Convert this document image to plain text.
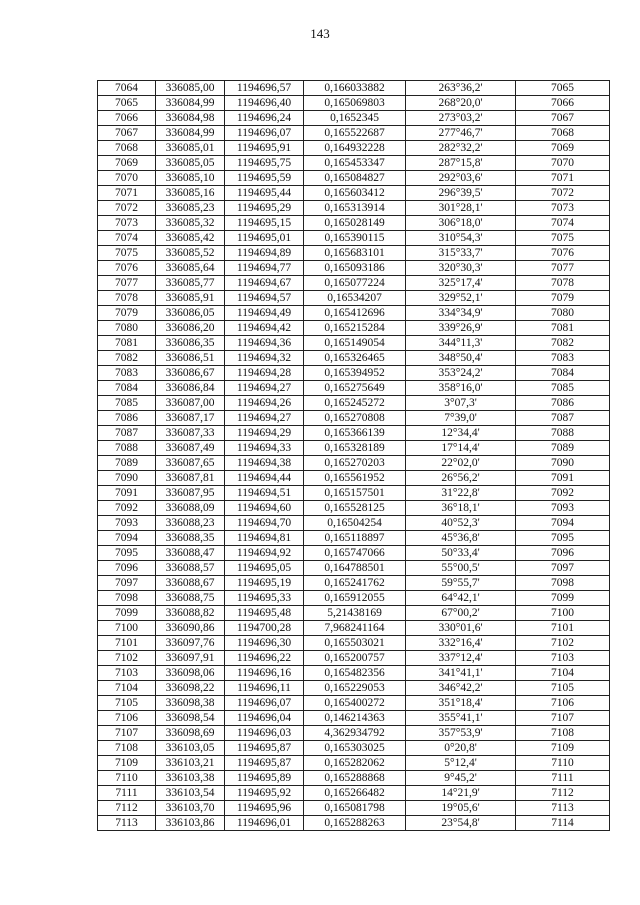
143
7064	336085,00	1194696,57	0,166033882	263°36,2'	7065
7065	336084,99	1194696,40	0,165069803	268°20,0'	7066
7066	336084,98	1194696,24	0,1652345	273°03,2'	7067
7067	336084,99	1194696,07	0,165522687	277°46,7'	7068
7068	336085,01	1194695,91	0,164932228	282°32,2'	7069
7069	336085,05	1194695,75	0,165453347	287°15,8'	7070
7070	336085,10	1194695,59	0,165084827	292°03,6'	7071
7071	336085,16	1194695,44	0,165603412	296°39,5'	7072
7072	336085,23	1194695,29	0,165313914	301°28,1'	7073
7073	336085,32	1194695,15	0,165028149	306°18,0'	7074
7074	336085,42	1194695,01	0,165390115	310°54,3'	7075
7075	336085,52	1194694,89	0,165683101	315°33,7'	7076
7076	336085,64	1194694,77	0,165093186	320°30,3'	7077
7077	336085,77	1194694,67	0,165077224	325°17,4'	7078
7078	336085,91	1194694,57	0,16534207	329°52,1'	7079
7079	336086,05	1194694,49	0,165412696	334°34,9'	7080
7080	336086,20	1194694,42	0,165215284	339°26,9'	7081
7081	336086,35	1194694,36	0,165149054	344°11,3'	7082
7082	336086,51	1194694,32	0,165326465	348°50,4'	7083
7083	336086,67	1194694,28	0,165394952	353°24,2'	7084
7084	336086,84	1194694,27	0,165275649	358°16,0'	7085
7085	336087,00	1194694,26	0,165245272	3°07,3'	7086
7086	336087,17	1194694,27	0,165270808	7°39,0'	7087
7087	336087,33	1194694,29	0,165366139	12°34,4'	7088
7088	336087,49	1194694,33	0,165328189	17°14,4'	7089
7089	336087,65	1194694,38	0,165270203	22°02,0'	7090
7090	336087,81	1194694,44	0,165561952	26°56,2'	7091
7091	336087,95	1194694,51	0,165157501	31°22,8'	7092
7092	336088,09	1194694,60	0,165528125	36°18,1'	7093
7093	336088,23	1194694,70	0,16504254	40°52,3'	7094
7094	336088,35	1194694,81	0,165118897	45°36,8'	7095
7095	336088,47	1194694,92	0,165747066	50°33,4'	7096
7096	336088,57	1194695,05	0,164788501	55°00,5'	7097
7097	336088,67	1194695,19	0,165241762	59°55,7'	7098
7098	336088,75	1194695,33	0,165912055	64°42,1'	7099
7099	336088,82	1194695,48	5,21438169	67°00,2'	7100
7100	336090,86	1194700,28	7,968241164	330°01,6'	7101
7101	336097,76	1194696,30	0,165503021	332°16,4'	7102
7102	336097,91	1194696,22	0,165200757	337°12,4'	7103
7103	336098,06	1194696,16	0,165482356	341°41,1'	7104
7104	336098,22	1194696,11	0,165229053	346°42,2'	7105
7105	336098,38	1194696,07	0,165400272	351°18,4'	7106
7106	336098,54	1194696,04	0,146214363	355°41,1'	7107
7107	336098,69	1194696,03	4,362934792	357°53,9'	7108
7108	336103,05	1194695,87	0,165303025	0°20,8'	7109
7109	336103,21	1194695,87	0,165282062	5°12,4'	7110
7110	336103,38	1194695,89	0,165288868	9°45,2'	7111
7111	336103,54	1194695,92	0,165266482	14°21,9'	7112
7112	336103,70	1194695,96	0,165081798	19°05,6'	7113
7113	336103,86	1194696,01	0,165288263	23°54,8'	7114
